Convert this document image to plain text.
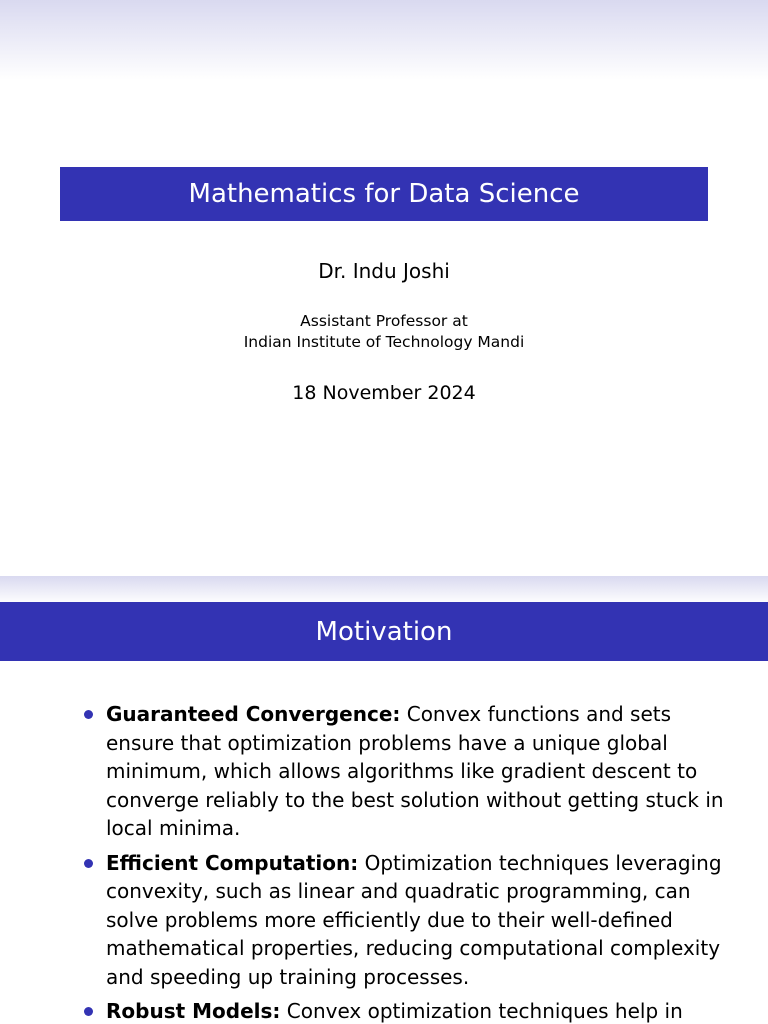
Mathematics for Data Science
Dr. Indu Joshi
Assistant Professor at
Indian Institute of Technology Mandi
18 November 2024
Motivation
Guaranteed Convergence: Convex functions and sets ensure that optimization problems have a unique global minimum, which allows algorithms like gradient descent to converge reliably to the best solution without getting stuck in local minima.
Efficient Computation: Optimization techniques leveraging convexity, such as linear and quadratic programming, can solve problems more efficiently due to their well-defined mathematical properties, reducing computational complexity and speeding up training processes.
Robust Models: Convex optimization techniques help in
